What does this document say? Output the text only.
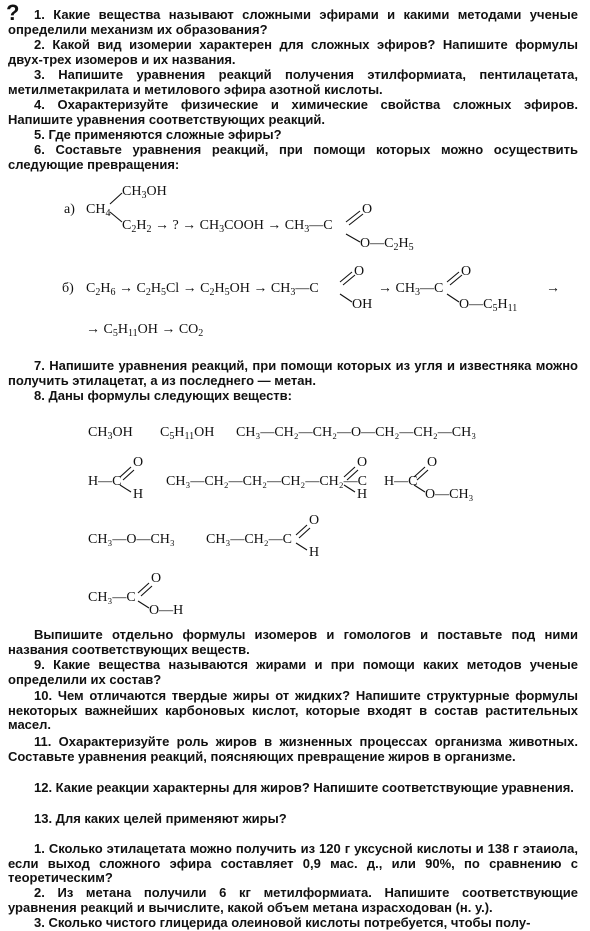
?	1. Какие вещества называют сложными эфирами и какими методами ученые определили механизм их образования?
2. Какой вид изомерии характерен для сложных эфиров? Напишите формулы двух-трех изомеров и их названия.
3. Напишите уравнения реакций получения этилформиата, пентилацетата, метилметакрилата и метилового эфира азотной кислоты.
4. Охарактеризуйте физические и химические свойства сложных эфиров. Напишите уравнения соответствующих реакций.
5. Где применяются сложные эфиры?
6. Составьте уравнения реакций, при помощи которых можно осуществить следующие превращения:
а) $CH_4$
$CH_3OH$
$C_2H_2$ → ? → $CH_3COOH$ → $CH_3—C$
O
$O—C_2H_5$
б) $C_2H_6 \to C_2H_5Cl \to C_2H_5OH$ → $CH_3—C$
O
OH
→ $CH_3—C$
O
$O—C_5H_{11}$
→
→ $C_5H_{11}OH \to CO_2$
7. Напишите уравнения реакций, при помощи которых из угля и известняка можно получить этилацетат, а из последнего — метан.
8. Даны формулы следующих веществ:
$CH_3OH$ $C_5H_{11}OH$ CH₃—CH₂—CH₂—O—CH₂—CH₂—CH₃
H—C
O
H
CH₃—CH₂—CH₂—CH₂—CH₂—C
O
H
H—C
O
O—CH₃
CH₃—O—CH₃ CH₃—CH₂—C
O
H
CH₃—C
O
O—H
Выпишите отдельно формулы изомеров и гомологов и поставьте под ними названия соответствующих веществ.
9. Какие вещества называются жирами и при помощи каких методов ученые определили их состав?
10. Чем отличаются твердые жиры от жидких? Напишите структурные формулы некоторых важнейших карбоновых кислот, которые входят в состав растительных масел.
11. Охарактеризуйте роль жиров в жизненных процессах организма животных. Составьте уравнения реакций, поясняющих превращение жиров в организме.
12. Какие реакции характерны для жиров? Напишите соответствующие уравнения.
13. Для каких целей применяют жиры?
1. Сколько этилацетата можно получить из 120 г уксусной кислоты и 138 г этаиола, если выход сложного эфира составляет 0,9 мас. д., или 90%, по сравнению с теоретическим?
2. Из метана получили 6 кг метилформиата. Напишите соответствующие уравнения реакций и вычислите, какой объем метана израсходован (н. у.).
3. Сколько чистого глицерида олеиновой кислоты потребуется, чтобы полу-
